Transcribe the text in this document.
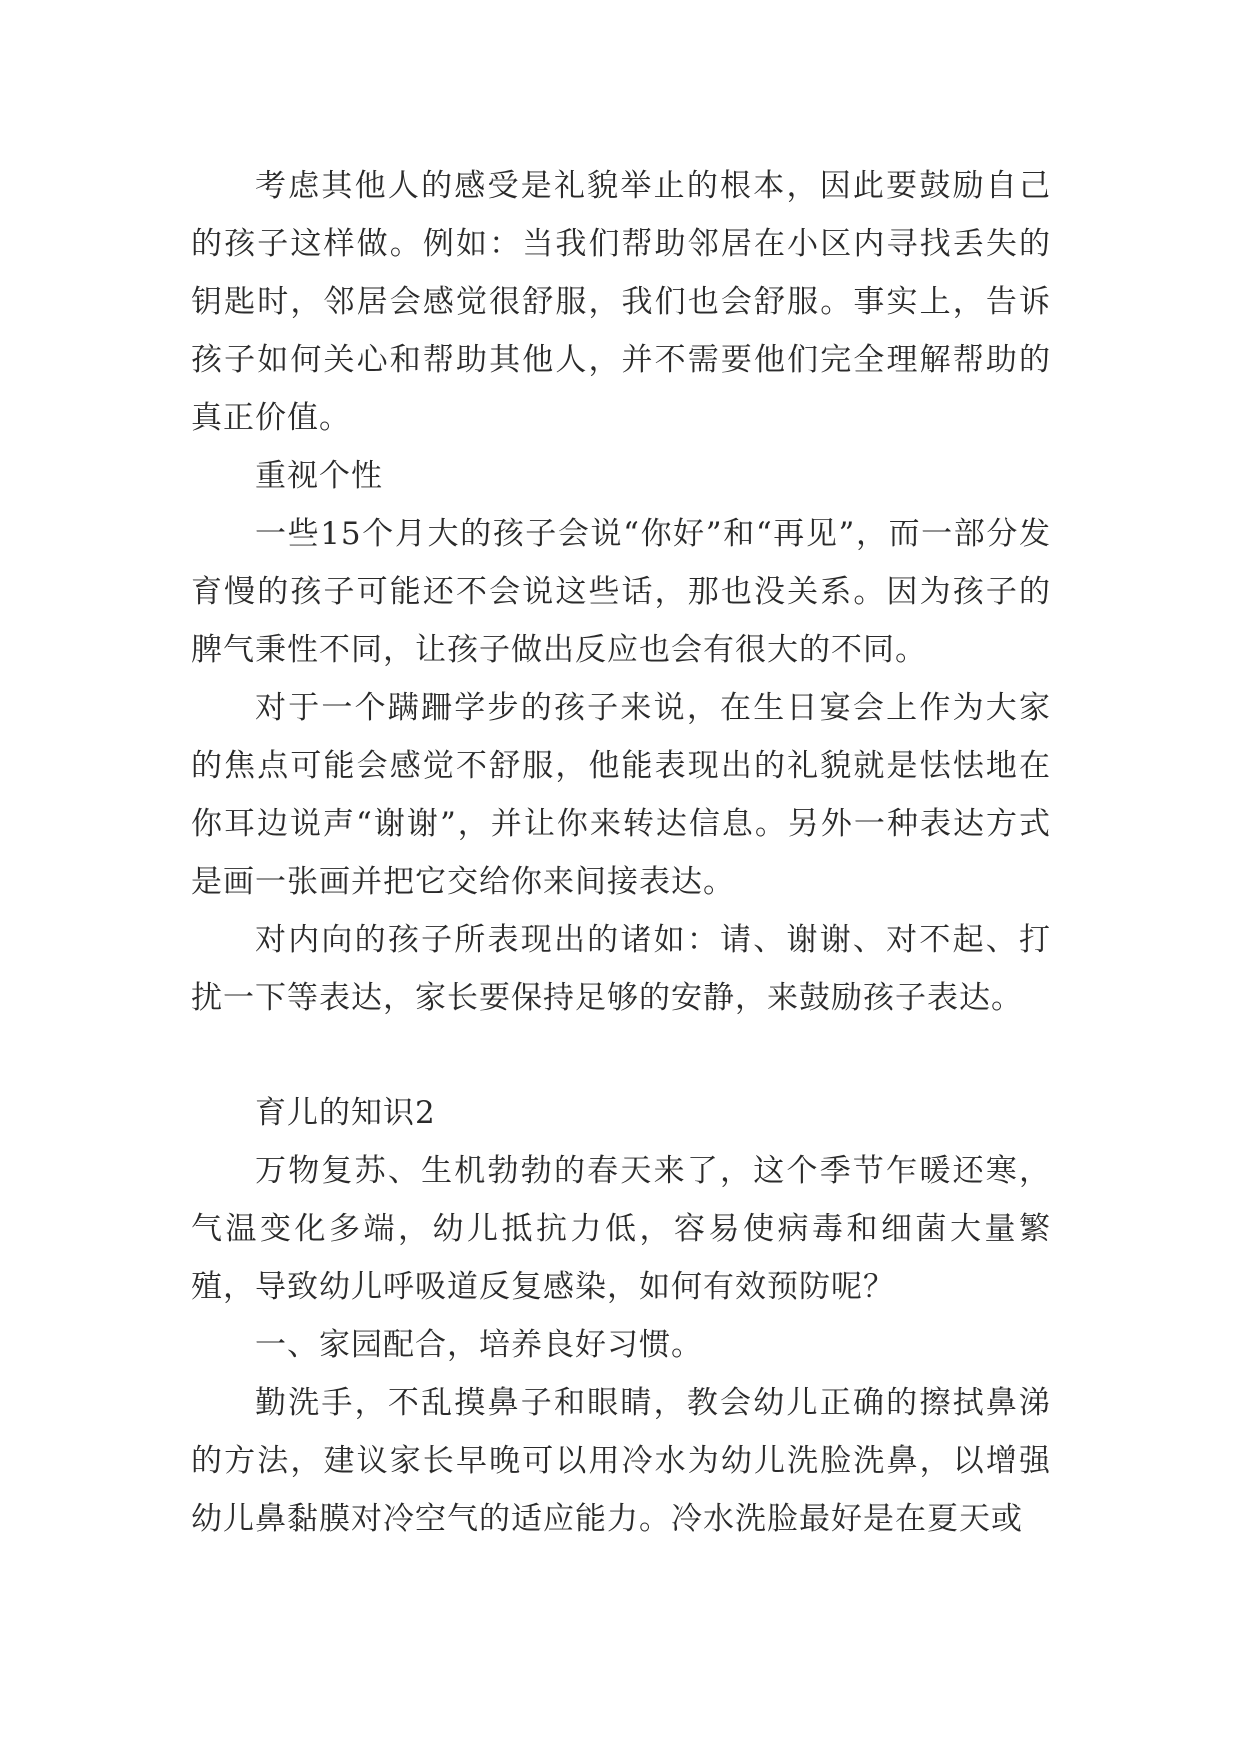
考虑其他人的感受是礼貌举止的根本，因此要鼓励自己的孩子这样做。例如：当我们帮助邻居在小区内寻找丢失的钥匙时，邻居会感觉很舒服，我们也会舒服。事实上，告诉孩子如何关心和帮助其他人，并不需要他们完全理解帮助的真正价值。

重视个性

一些15个月大的孩子会说“你好”和“再见”，而一部分发育慢的孩子可能还不会说这些话，那也没关系。因为孩子的脾气秉性不同，让孩子做出反应也会有很大的不同。

对于一个蹒跚学步的孩子来说，在生日宴会上作为大家的焦点可能会感觉不舒服，他能表现出的礼貌就是怯怯地在你耳边说声“谢谢”，并让你来转达信息。另外一种表达方式是画一张画并把它交给你来间接表达。

对内向的孩子所表现出的诸如：请、谢谢、对不起、打扰一下等表达，家长要保持足够的安静，来鼓励孩子表达。

育儿的知识2

万物复苏、生机勃勃的春天来了，这个季节乍暖还寒，气温变化多端，幼儿抵抗力低，容易使病毒和细菌大量繁殖，导致幼儿呼吸道反复感染，如何有效预防呢？

一、家园配合，培养良好习惯。

勤洗手，不乱摸鼻子和眼睛，教会幼儿正确的擦拭鼻涕的方法，建议家长早晚可以用冷水为幼儿洗脸洗鼻，以增强幼儿鼻黏膜对冷空气的适应能力。冷水洗脸最好是在夏天或
